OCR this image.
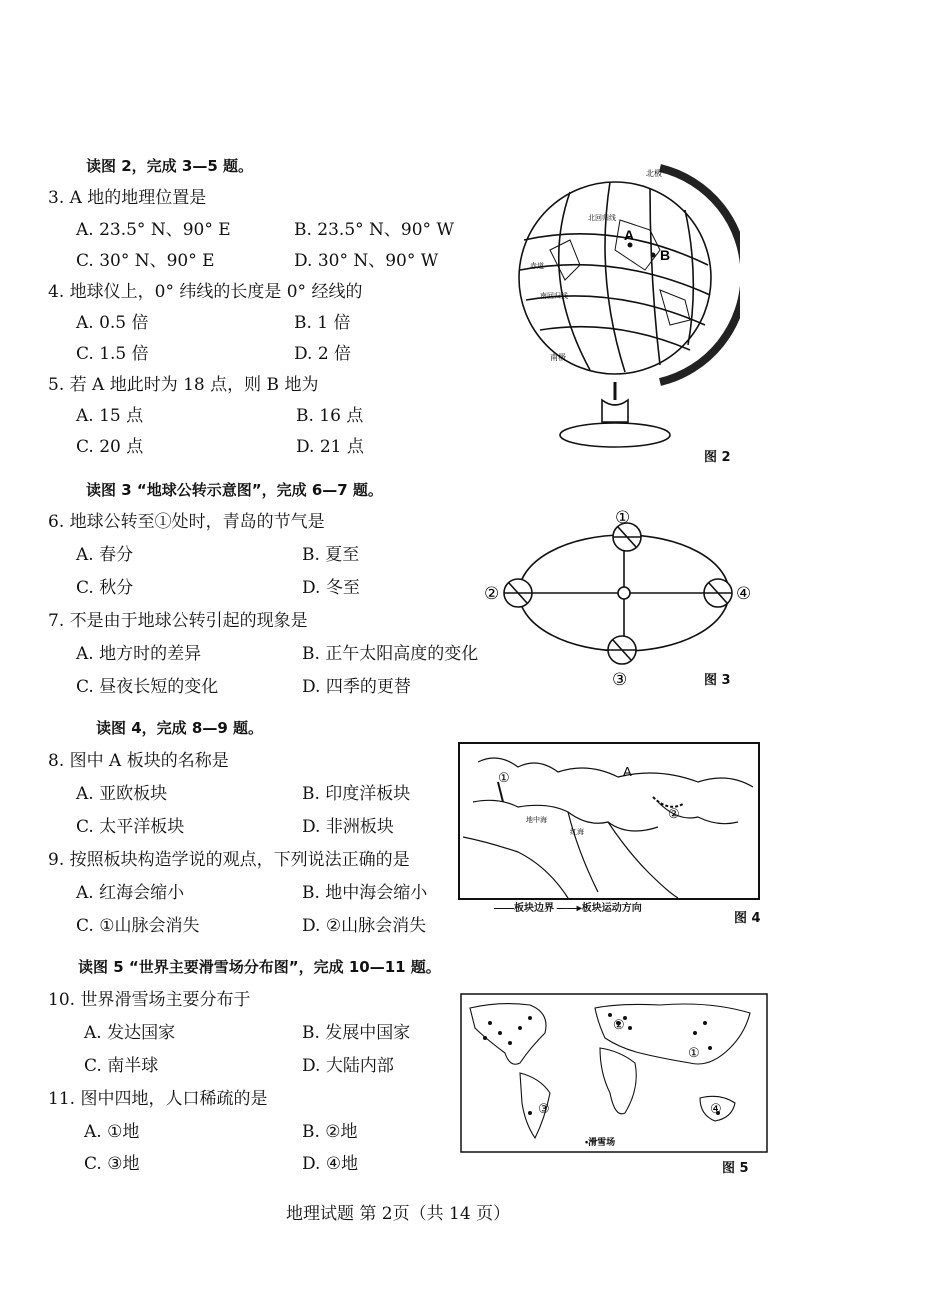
读图 2，完成 3—5 题。
3. A 地的地理位置是
A. 23.5° N、90° E	B. 23.5° N、90° W
C. 30° N、90° E	D. 30° N、90° W
4. 地球仪上，0° 纬线的长度是 0° 经线的
A. 0.5 倍	B. 1 倍
C. 1.5 倍	D. 2 倍
5. 若 A 地此时为 18 点，则 B 地为
A. 15 点	B. 16 点
C. 20 点	D. 21 点
A
B
北极
南极
北回归线
赤道
南回归线
图 2
读图 3 “地球公转示意图”，完成 6—7 题。
6. 地球公转至①处时，青岛的节气是
A. 春分	B. 夏至
C. 秋分	D. 冬至
7. 不是由于地球公转引起的现象是
A. 地方时的差异	B. 正午太阳高度的变化
C. 昼夜长短的变化	D. 四季的更替
①
②
③
④
图 3
读图 4，完成 8—9 题。
8. 图中 A 板块的名称是
A. 亚欧板块	B. 印度洋板块
C. 太平洋板块	D. 非洲板块
9. 按照板块构造学说的观点，下列说法正确的是
A. 红海会缩小	B. 地中海会缩小
C. ①山脉会消失	D. ②山脉会消失
A
①
②
地中海
红海
——板块边界 ——▸板块运动方向
图 4
读图 5 “世界主要滑雪场分布图”，完成 10—11 题。
10. 世界滑雪场主要分布于
A. 发达国家	B. 发展中国家
C. 南半球	D. 大陆内部
11. 图中四地，人口稀疏的是
A. ①地	B. ②地
C. ③地	D. ④地
①
②
③	④
•滑雪场
图 5
地理试题 第 2页（共 14 页）
